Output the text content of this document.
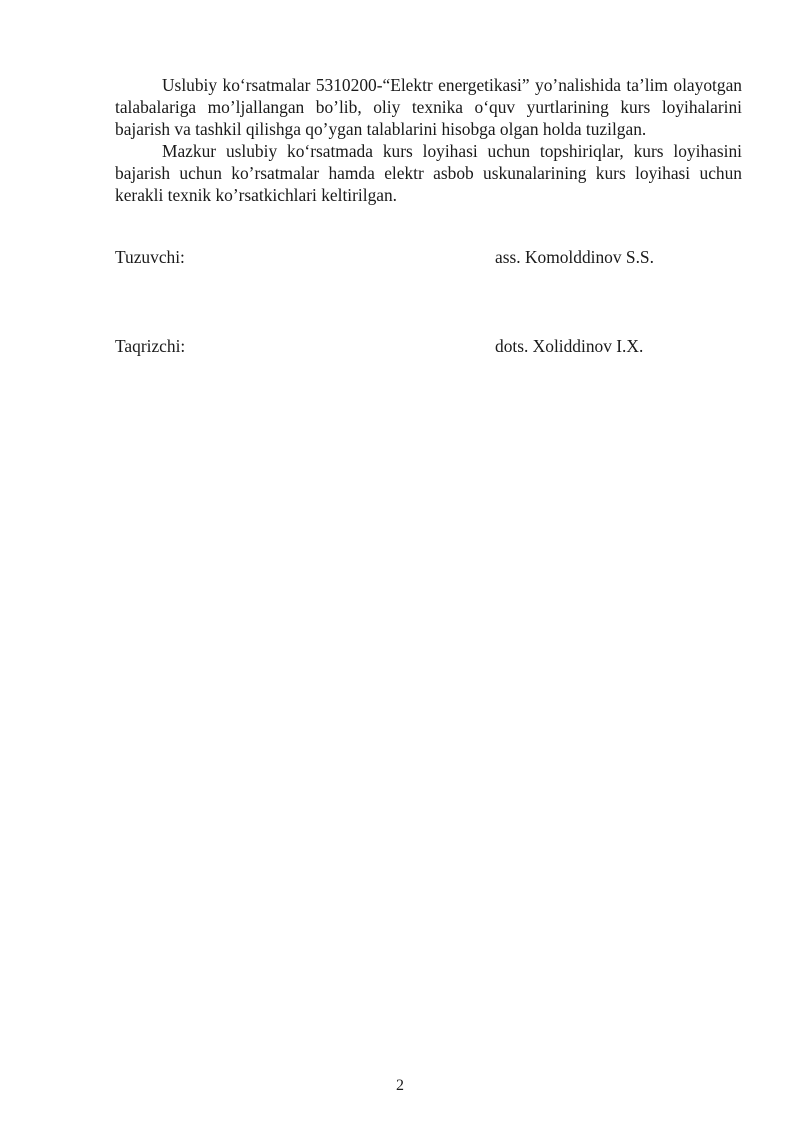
Uslubiy ko‘rsatmalar 5310200-“Elektr energetikasi” yo’nalishida ta’lim olayotgan talabalariga mo’ljallangan bo’lib, oliy texnika o‘quv yurtlarining kurs loyihalarini bajarish va tashkil qilishga qo’ygan talablarini hisobga olgan holda tuzilgan.

Mazkur uslubiy ko‘rsatmada kurs loyihasi uchun topshiriqlar, kurs loyihasini bajarish uchun ko’rsatmalar hamda elektr asbob uskunalarining kurs loyihasi uchun kerakli texnik ko’rsatkichlari keltirilgan.

Tuzuvchi:	ass. Komolddinov S.S.
Taqrizchi:	dots. Xoliddinov I.X.
2
